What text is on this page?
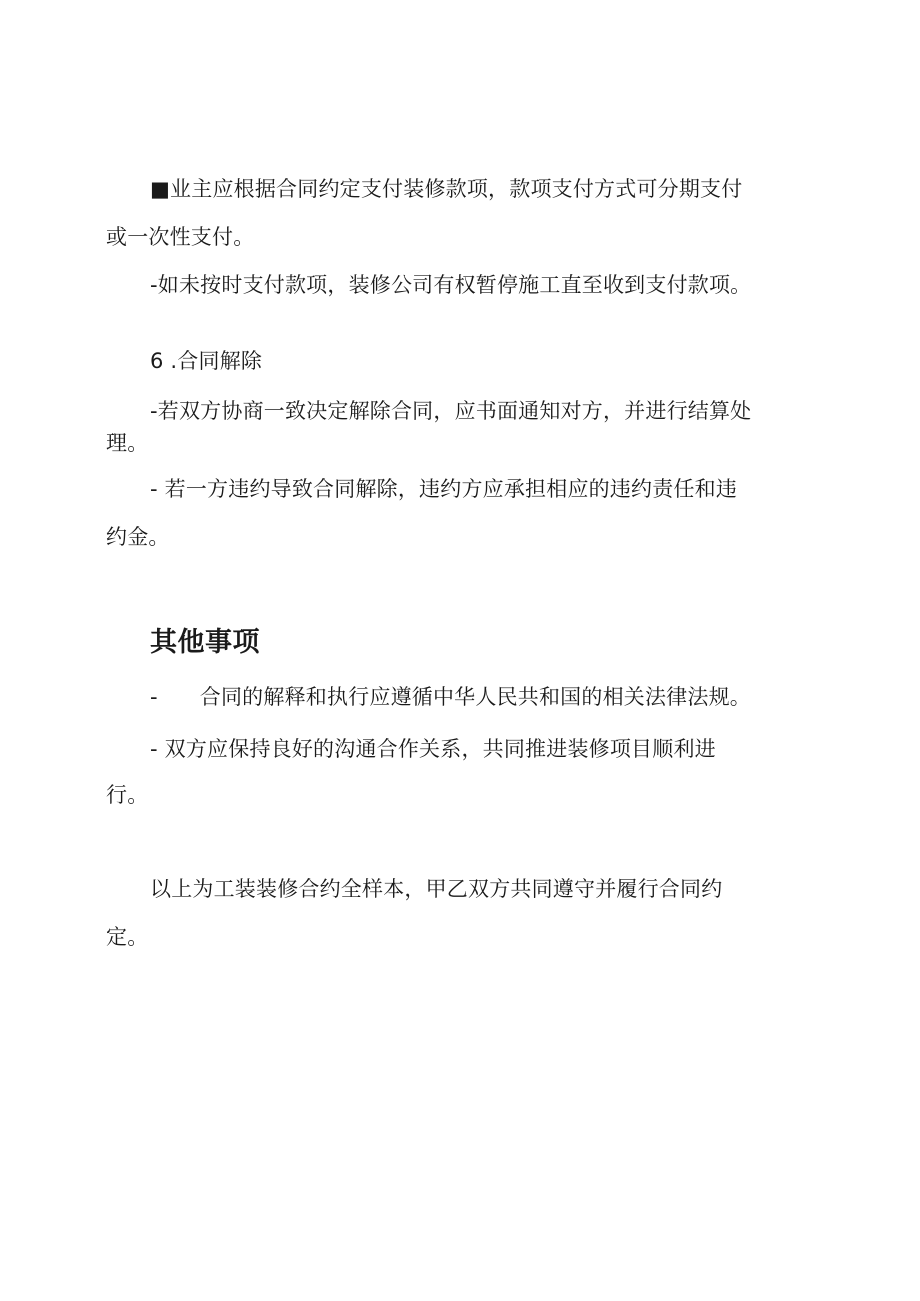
■业主应根据合同约定支付装修款项，款项支付方式可分期支付
或一次性支付。
-如未按时支付款项，装修公司有权暂停施工直至收到支付款项。
6 .合同解除
-若双方协商一致决定解除合同，应书面通知对方，并进行结算处
理。
- 若一方违约导致合同解除，违约方应承担相应的违约责任和违
约金。
其他事项
- 合同的解释和执行应遵循中华人民共和国的相关法律法规。
- 双方应保持良好的沟通合作关系，共同推进装修项目顺利进
行。
以上为工装装修合约全样本，甲乙双方共同遵守并履行合同约
定。
